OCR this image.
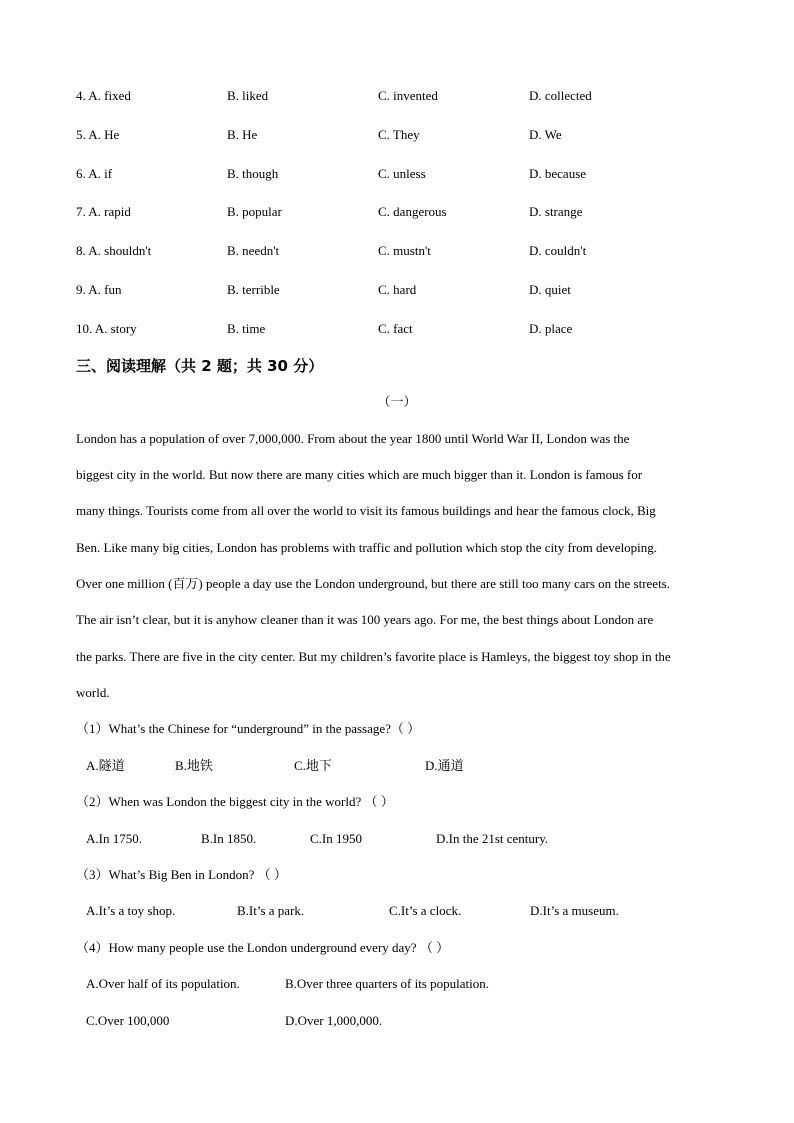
4. A. fixed	B. liked	C. invented	D. collected
5. A. He	B. He	C. They	D. We
6. A. if	B. though	C. unless	D. because
7. A. rapid	B. popular	C. dangerous	D. strange
8. A. shouldn't	B. needn't	C. mustn't	D. couldn't
9. A. fun	B. terrible	C. hard	D. quiet
10. A. story	B. time	C. fact	D. place
三、阅读理解（共 2 题；共 30 分）
（一）
London has a population of over 7,000,000. From about the year 1800 until World War II, London was the
biggest city in the world. But now there are many cities which are much bigger than it. London is famous for
many things. Tourists come from all over the world to visit its famous buildings and hear the famous clock, Big
Ben. Like many big cities, London has problems with traffic and pollution which stop the city from developing.
Over one million (百万) people a day use the London underground, but there are still too many cars on the streets.
The air isn’t clear, but it is anyhow cleaner than it was 100 years ago. For me, the best things about London are
the parks. There are five in the city center. But my children’s favorite place is Hamleys, the biggest toy shop in the
world.
（1）What’s the Chinese for “underground” in the passage?（ ）
A.隧道	B.地铁	C.地下	D.通道
（2）When was London the biggest city in the world? （ ）
A.In 1750.	B.In 1850.	C.In 1950	D.In the 21st century.
（3）What’s Big Ben in London? （ ）
A.It’s a toy shop.	B.It’s a park.	C.It’s a clock.	D.It’s a museum.
（4）How many people use the London underground every day? （ ）
A.Over half of its population.	B.Over three quarters of its population.
C.Over 100,000	D.Over 1,000,000.
